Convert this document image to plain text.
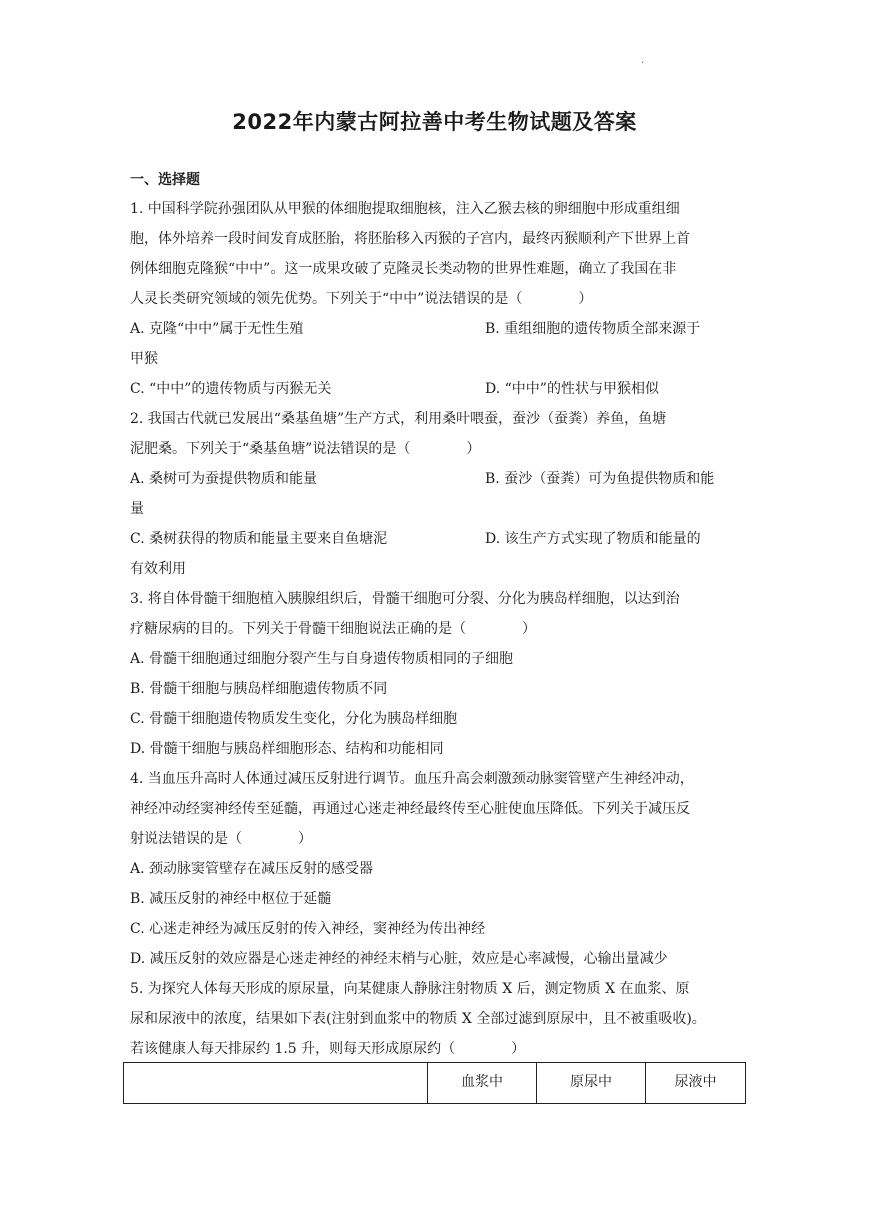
·
2022年内蒙古阿拉善中考生物试题及答案
一、选择题
1. 中国科学院孙强团队从甲猴的体细胞提取细胞核，注入乙猴去核的卵细胞中形成重组细
胞，体外培养一段时间发育成胚胎，将胚胎移入丙猴的子宫内，最终丙猴顺利产下世界上首
例体细胞克隆猴“中中”。这一成果攻破了克隆灵长类动物的世界性难题，确立了我国在非
人灵长类研究领域的领先优势。下列关于“中中”说法错误的是（　　　　）
A. 克隆“中中”属于无性生殖	B. 重组细胞的遗传物质全部来源于
甲猴
C. “中中”的遗传物质与丙猴无关	D. “中中”的性状与甲猴相似
2. 我国古代就已发展出“桑基鱼塘”生产方式，利用桑叶喂蚕，蚕沙（蚕粪）养鱼，鱼塘
泥肥桑。下列关于“桑基鱼塘”说法错误的是（　　　　）
A. 桑树可为蚕提供物质和能量	B. 蚕沙（蚕粪）可为鱼提供物质和能
量
C. 桑树获得的物质和能量主要来自鱼塘泥	D. 该生产方式实现了物质和能量的
有效利用
3. 将自体骨髓干细胞植入胰腺组织后，骨髓干细胞可分裂、分化为胰岛样细胞，以达到治
疗糖尿病的目的。下列关于骨髓干细胞说法正确的是（　　　　）
A. 骨髓干细胞通过细胞分裂产生与自身遗传物质相同的子细胞
B. 骨髓干细胞与胰岛样细胞遗传物质不同
C. 骨髓干细胞遗传物质发生变化，分化为胰岛样细胞
D. 骨髓干细胞与胰岛样细胞形态、结构和功能相同
4. 当血压升高时人体通过减压反射进行调节。血压升高会刺激颈动脉窦管壁产生神经冲动，
神经冲动经窦神经传至延髓，再通过心迷走神经最终传至心脏使血压降低。下列关于减压反
射说法错误的是（　　　　）
A. 颈动脉窦管壁存在减压反射的感受器
B. 减压反射的神经中枢位于延髓
C. 心迷走神经为减压反射的传入神经，窦神经为传出神经
D. 减压反射的效应器是心迷走神经的神经末梢与心脏，效应是心率减慢，心输出量减少
5. 为探究人体每天形成的原尿量，向某健康人静脉注射物质 X 后，测定物质 X 在血浆、原
尿和尿液中的浓度，结果如下表(注射到血浆中的物质 X 全部过滤到原尿中，且不被重吸收)。
若该健康人每天排尿约 1.5 升，则每天形成原尿约（　　　　）
	血浆中	原尿中	尿液中
